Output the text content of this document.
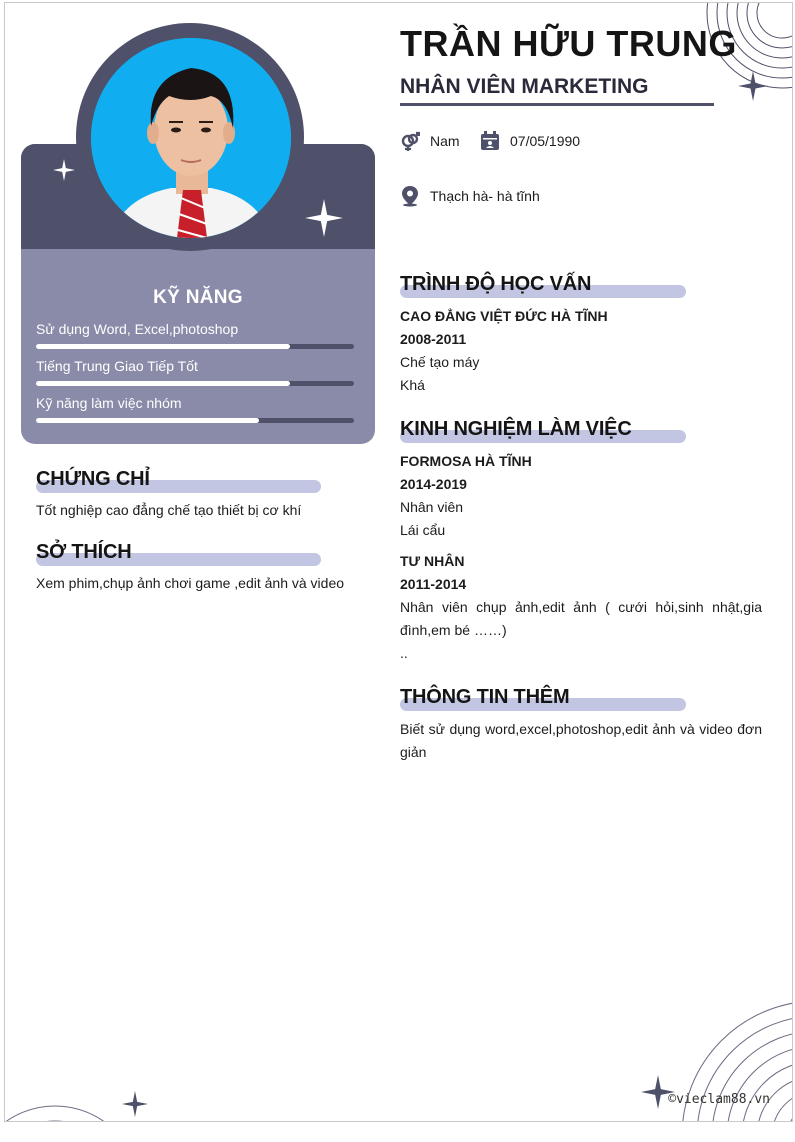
KỸ NĂNG
Sử dụng Word, Excel,photoshop
Tiếng Trung Giao Tiếp Tốt
Kỹ năng làm việc nhóm
CHỨNG CHỈ
Tốt nghiệp cao đẳng chế tạo thiết bị cơ khí
SỞ THÍCH
Xem phim,chụp ảnh chơi game ,edit ảnh và video
TRẦN HỮU TRUNG
NHÂN VIÊN MARKETING
Nam	07/05/1990
Thạch hà- hà tĩnh
TRÌNH ĐỘ HỌC VẤN
CAO ĐẲNG VIỆT ĐỨC HÀ TĨNH
2008-2011
Chế tạo máy
Khá
KINH NGHIỆM LÀM VIỆC
FORMOSA HÀ TĨNH
2014-2019
Nhân viên
Lái cẩu
TƯ NHÂN
2011-2014
Nhân viên chụp ảnh,edit ảnh ( cưới hỏi,sinh nhật,gia đình,em bé ……)
..
THÔNG TIN THÊM
Biết sử dụng word,excel,photoshop,edit ảnh và video đơn giản
©vieclam88.vn
